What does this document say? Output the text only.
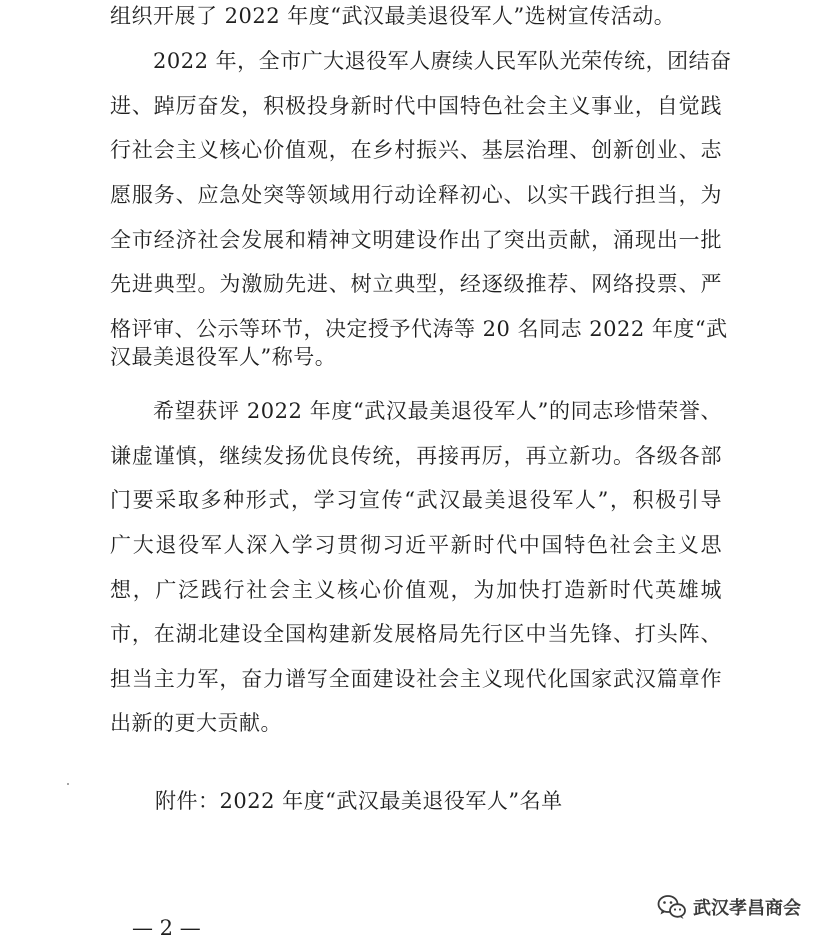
组织开展了 2022 年度“武汉最美退役军人”选树宣传活动。
2022 年，全市广大退役军人赓续人民军队光荣传统，团结奋
进、踔厉奋发，积极投身新时代中国特色社会主义事业，自觉践
行社会主义核心价值观，在乡村振兴、基层治理、创新创业、志
愿服务、应急处突等领域用行动诠释初心、以实干践行担当，为
全市经济社会发展和精神文明建设作出了突出贡献，涌现出一批
先进典型。为激励先进、树立典型，经逐级推荐、网络投票、严
格评审、公示等环节，决定授予代涛等 20 名同志 2022 年度“武
汉最美退役军人”称号。
希望获评 2022 年度“武汉最美退役军人”的同志珍惜荣誉、
谦虚谨慎，继续发扬优良传统，再接再厉，再立新功。各级各部
门要采取多种形式，学习宣传“武汉最美退役军人”，积极引导
广大退役军人深入学习贯彻习近平新时代中国特色社会主义思
想，广泛践行社会主义核心价值观，为加快打造新时代英雄城
市，在湖北建设全国构建新发展格局先行区中当先锋、打头阵、
担当主力军，奋力谱写全面建设社会主义现代化国家武汉篇章作
出新的更大贡献。
附件：2022 年度“武汉最美退役军人”名单
— 2 —
武汉孝昌商会
